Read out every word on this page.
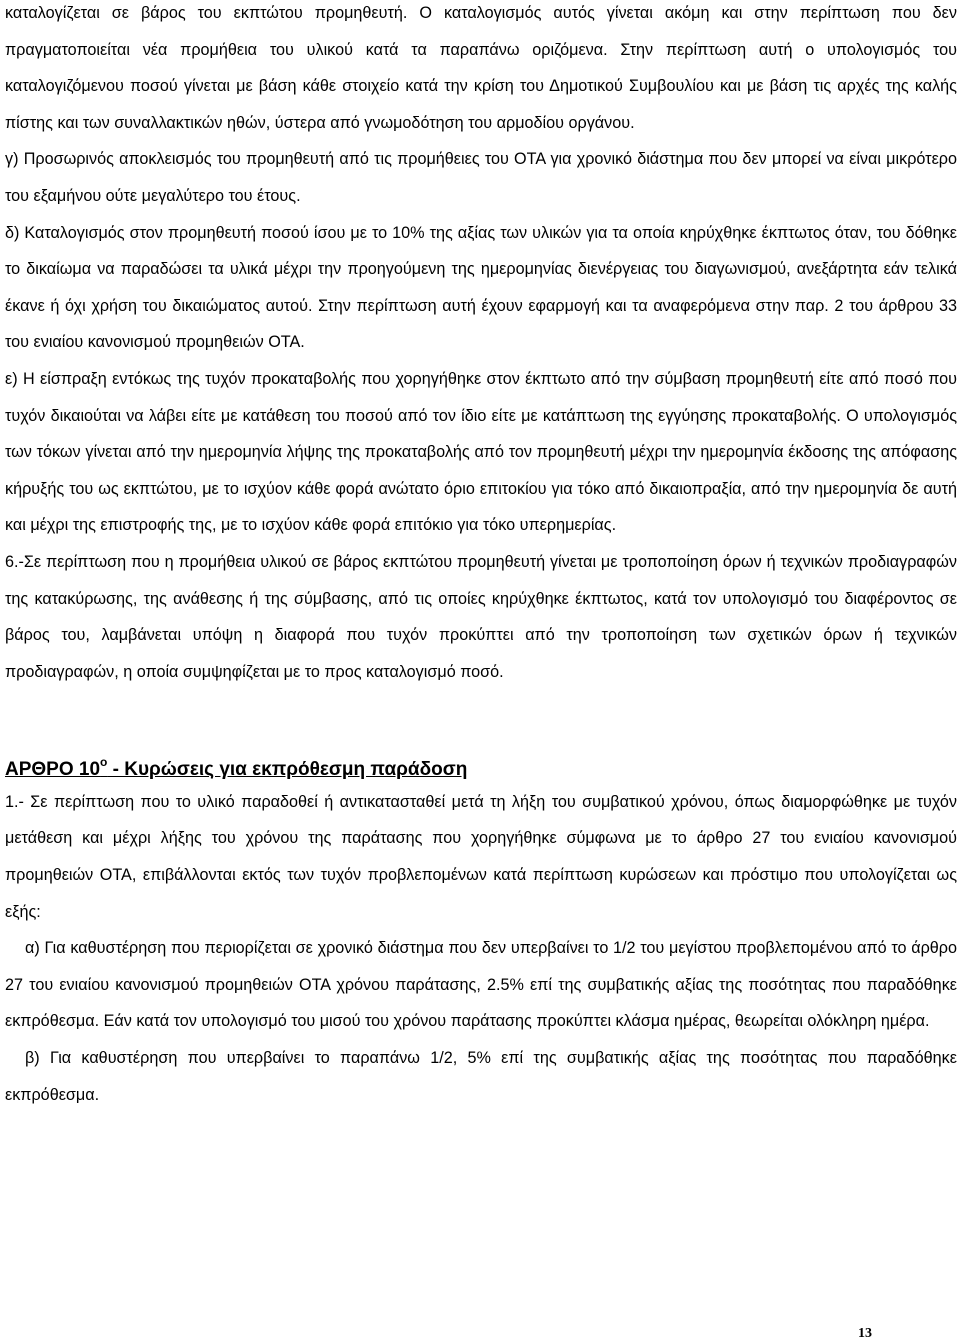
καταλογίζεται σε βάρος του εκπτώτου προμηθευτή. Ο καταλογισμός αυτός γίνεται ακόμη και στην περίπτωση που δεν πραγματοποιείται νέα προμήθεια του υλικού κατά τα παραπάνω οριζόμενα. Στην περίπτωση αυτή ο υπολογισμός του καταλογιζόμενου ποσού γίνεται με βάση κάθε στοιχείο κατά την κρίση του Δημοτικού Συμβουλίου και με βάση τις αρχές της καλής πίστης και των συναλλακτικών ηθών, ύστερα από γνωμοδότηση του αρμοδίου οργάνου.

γ) Προσωρινός αποκλεισμός του προμηθευτή από τις προμήθειες του ΟΤΑ για χρονικό διάστημα που δεν μπορεί να είναι μικρότερο του εξαμήνου ούτε μεγαλύτερο του έτους.

δ) Καταλογισμός στον προμηθευτή ποσού ίσου με το 10% της αξίας των υλικών για τα οποία κηρύχθηκε έκπτωτος όταν, του δόθηκε το δικαίωμα να παραδώσει τα υλικά μέχρι την προηγούμενη της ημερομηνίας διενέργειας του διαγωνισμού, ανεξάρτητα εάν τελικά έκανε ή όχι χρήση του δικαιώματος αυτού. Στην περίπτωση αυτή έχουν εφαρμογή και τα αναφερόμενα στην παρ. 2 του άρθρου 33 του ενιαίου κανονισμού προμηθειών ΟΤΑ.

ε) Η είσπραξη εντόκως της τυχόν προκαταβολής που χορηγήθηκε στον έκπτωτο από την σύμβαση προμηθευτή είτε από ποσό που τυχόν δικαιούται να λάβει είτε με κατάθεση του ποσού από τον ίδιο είτε με κατάπτωση της εγγύησης προκαταβολής. Ο υπολογισμός των τόκων γίνεται από την ημερομηνία λήψης της προκαταβολής από τον προμηθευτή μέχρι την ημερομηνία έκδοσης της απόφασης κήρυξής του ως εκπτώτου, με το ισχύον κάθε φορά ανώτατο όριο επιτοκίου για τόκο από δικαιοπραξία, από την ημερομηνία δε αυτή και μέχρι της επιστροφής της, με το ισχύον κάθε φορά επιτόκιο για τόκο υπερημερίας.

6.-Σε περίπτωση που η προμήθεια υλικού σε βάρος εκπτώτου προμηθευτή γίνεται με τροποποίηση όρων ή τεχνικών προδιαγραφών της κατακύρωσης, της ανάθεσης ή της σύμβασης, από τις οποίες κηρύχθηκε έκπτωτος, κατά τον υπολογισμό του διαφέροντος σε βάρος του, λαμβάνεται υπόψη η διαφορά που τυχόν προκύπτει από την τροποποίηση των σχετικών όρων ή τεχνικών προδιαγραφών, η οποία συμψηφίζεται με το προς καταλογισμό ποσό.

ΑΡΘΡΟ $10^o$ - Κυρώσεις για εκπρόθεσμη παράδοση

1.- Σε περίπτωση που το υλικό παραδοθεί ή αντικατασταθεί μετά τη λήξη του συμβατικού χρόνου, όπως διαμορφώθηκε με τυχόν μετάθεση και μέχρι λήξης του χρόνου της παράτασης που χορηγήθηκε σύμφωνα με το άρθρο 27 του ενιαίου κανονισμού προμηθειών ΟΤΑ, επιβάλλονται εκτός των τυχόν προβλεπομένων κατά περίπτωση κυρώσεων και πρόστιμο που υπολογίζεται ως εξής:

α) Για καθυστέρηση που περιορίζεται σε χρονικό διάστημα που δεν υπερβαίνει το 1/2 του μεγίστου προβλεπομένου από το άρθρο 27 του ενιαίου κανονισμού προμηθειών ΟΤΑ χρόνου παράτασης, 2.5% επί της συμβατικής αξίας της ποσότητας που παραδόθηκε εκπρόθεσμα. Εάν κατά τον υπολογισμό του μισού του χρόνου παράτασης προκύπτει κλάσμα ημέρας, θεωρείται ολόκληρη ημέρα.

β) Για καθυστέρηση που υπερβαίνει το παραπάνω 1/2, 5% επί της συμβατικής αξίας της ποσότητας που παραδόθηκε εκπρόθεσμα.

13
